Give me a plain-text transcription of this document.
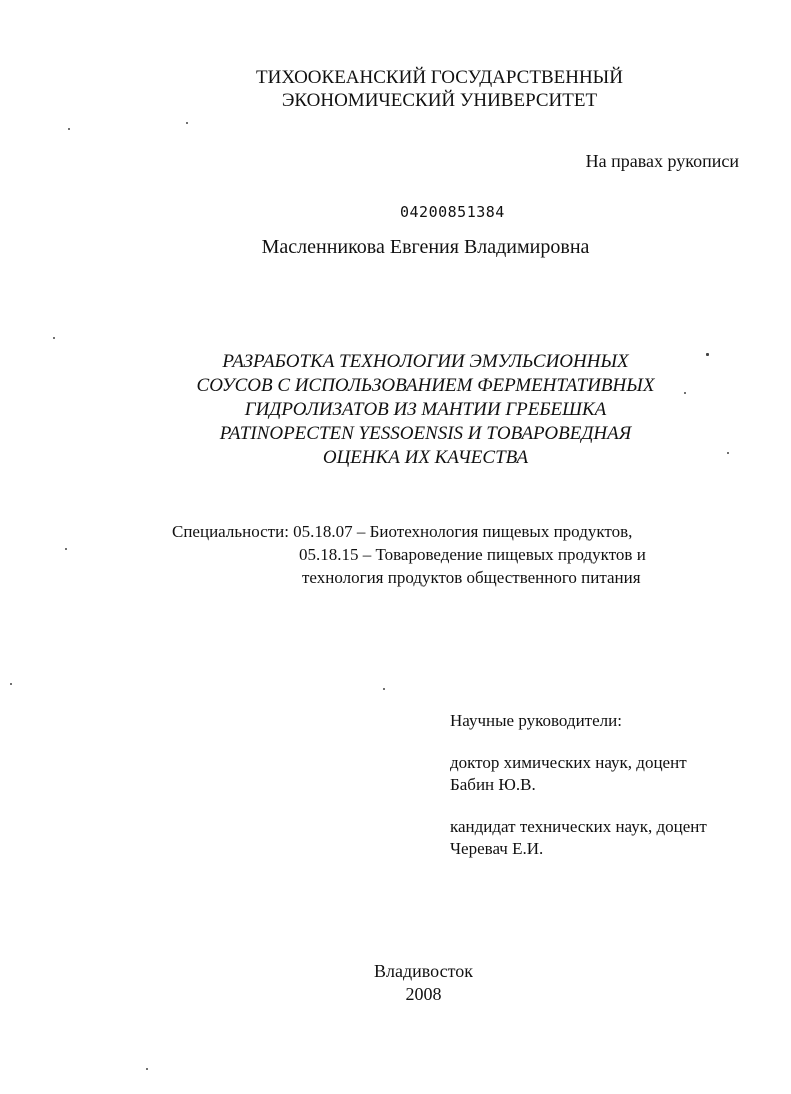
ТИХООКЕАНСКИЙ ГОСУДАРСТВЕННЫЙ
ЭКОНОМИЧЕСКИЙ УНИВЕРСИТЕТ
На правах рукописи
04200851384
Масленникова Евгения Владимировна
РАЗРАБОТКА ТЕХНОЛОГИИ ЭМУЛЬСИОННЫХ
СОУСОВ С ИСПОЛЬЗОВАНИЕМ ФЕРМЕНТАТИВНЫХ
ГИДРОЛИЗАТОВ ИЗ МАНТИИ ГРЕБЕШКА
PATINOPECTEN YESSOENSIS И ТОВАРОВЕДНАЯ
ОЦЕНКА ИХ КАЧЕСТВА
Специальности: 05.18.07 – Биотехнология пищевых продуктов,
05.18.15 – Товароведение пищевых продуктов и
технология продуктов общественного питания
Научные руководители:
доктор химических наук, доцент
Бабин Ю.В.
кандидат технических наук, доцент
Черевач Е.И.
Владивосток
2008
